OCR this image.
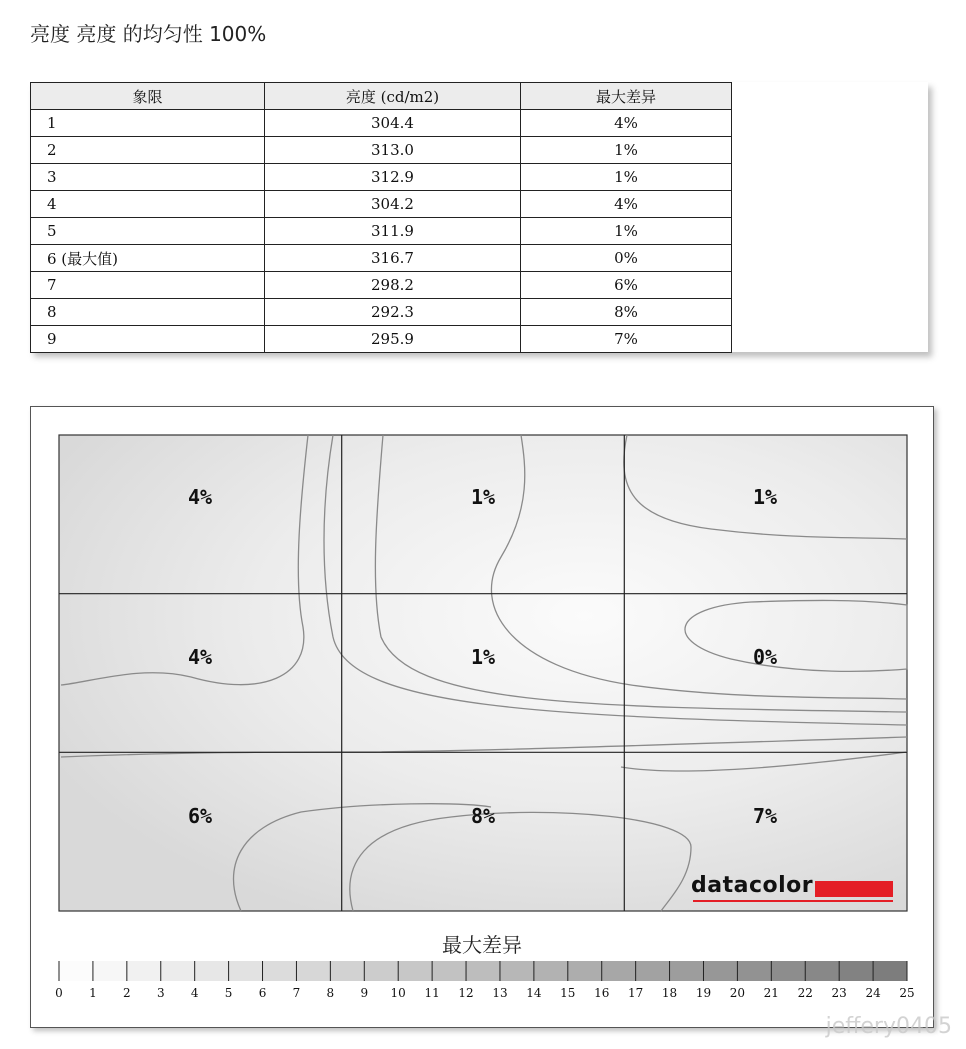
亮度 亮度 的均匀性 100%
象限	亮度 (cd/m2)	最大差异
1	304.4	4%
2	313.0	1%
3	312.9	1%
4	304.2	4%
5	311.9	1%
6 (最大值)	316.7	0%
7	298.2	6%
8	292.3	8%
9	295.9	7%
4%	1%	1%
4%	1%	0%
6%	8%	7%
0 1 2 3 4 5 6 7 8 9 10 11 12 13 14 15 16 17 18 19 20 21 22 23 24 25
最大差异
datacolor
jeffery0405
